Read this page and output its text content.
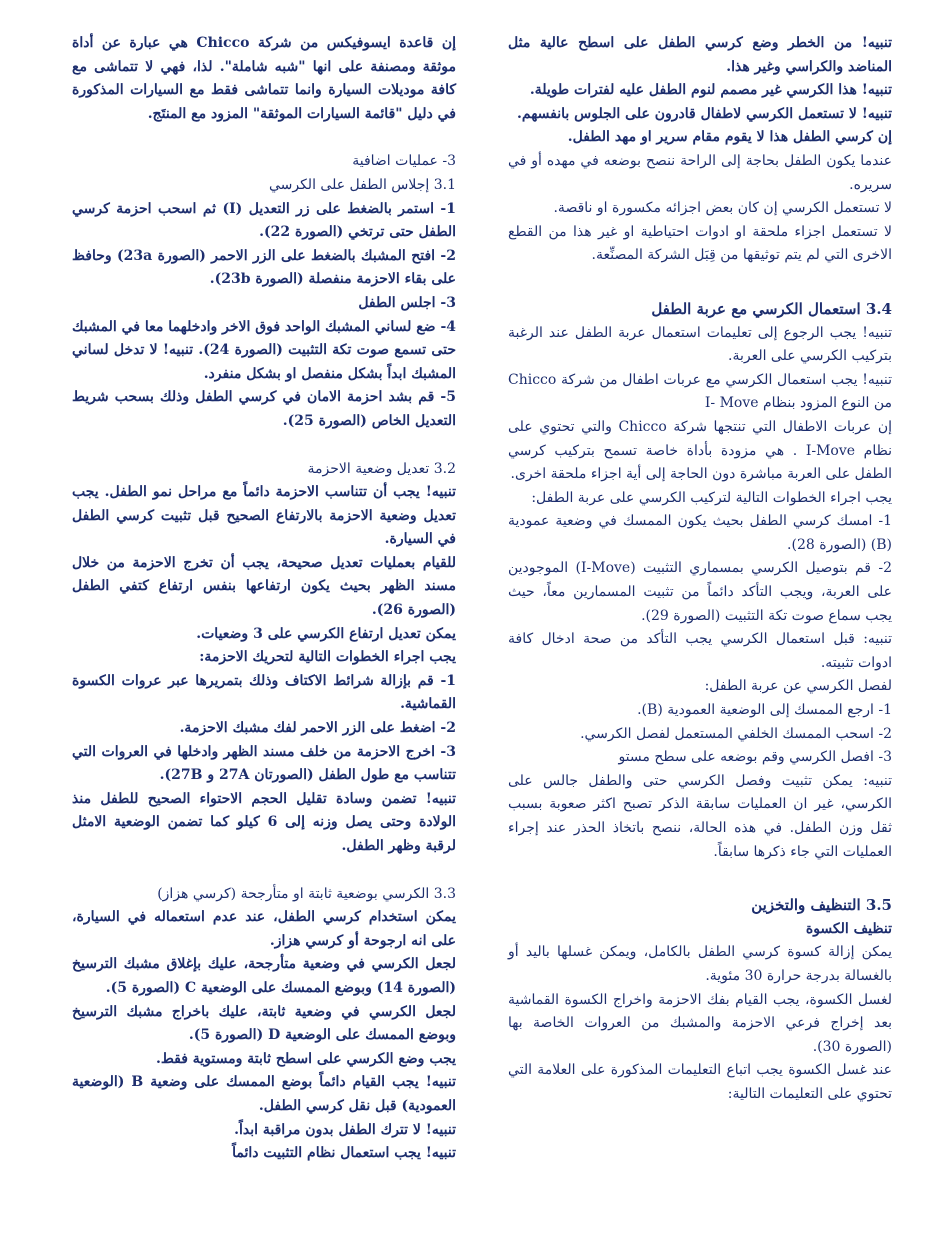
إن قاعدة ايسوفيكس من شركة Chicco هي عبارة عن أداة موثقة ومصنفة على انها "شبه شاملة". لذا، فهي لا تتماشى مع كافة موديلات السيارة وانما تتماشى فقط مع السيارات المذكورة في دليل "قائمة السيارات الموثقة" المزود مع المنتَج.
3- عمليات اضافية
3.1 إجلاس الطفل على الكرسي
1- استمر بالضغط على زر التعديل (I) ثم اسحب احزمة كرسي الطفل حتى ترتخي (الصورة 22).
2- افتح المشبك بالضغط على الزر الاحمر (الصورة 23a) وحافظ على بقاء الاحزمة منفصلة (الصورة 23b).
3- اجلس الطفل
4- ضع لساني المشبك الواحد فوق الاخر وادخلهما معا في المشبك حتى تسمع صوت تكة التثبيت (الصورة 24). تنبيه! لا تدخل لساني المشبك ابداً بشكل منفصل او بشكل منفرد.
5- قم بشد احزمة الامان في كرسي الطفل وذلك بسحب شريط التعديل الخاص (الصورة 25).
3.2 تعديل وضعية الاحزمة
تنبيه! يجب أن تتناسب الاحزمة دائماً مع مراحل نمو الطفل. يجب تعديل وضعية الاحزمة بالارتفاع الصحيح قبل تثبيت كرسي الطفل في السيارة.
للقيام بعمليات تعديل صحيحة، يجب أن تخرج الاحزمة من خلال مسند الظهر بحيث يكون ارتفاعها بنفس ارتفاع كتفي الطفل (الصورة 26).
يمكن تعديل ارتفاع الكرسي على 3 وضعيات.
يجب اجراء الخطوات التالية لتحريك الاحزمة:
1- قم بإزالة شرائط الاكتاف وذلك بتمريرها عبر عروات الكسوة القماشية.
2- اضغط على الزر الاحمر لفك مشبك الاحزمة.
3- اخرج الاحزمة من خلف مسند الظهر وادخلها في العروات التي تتناسب مع طول الطفل (الصورتان 27A و 27B).
تنبيه! تضمن وسادة تقليل الحجم الاحتواء الصحيح للطفل منذ الولادة وحتى يصل وزنه إلى 6 كيلو كما تضمن الوضعية الامثل لرقبة وظهر الطفل.
3.3 الكرسي بوضعية ثابتة او متأرجحة (كرسي هزاز)
يمكن استخدام كرسي الطفل، عند عدم استعماله في السيارة، على انه ارجوحة أو كرسي هزاز.
لجعل الكرسي في وضعية متأرجحة، عليك بإغلاق مشبك الترسيخ (الصورة 14) وبوضع الممسك على الوضعية C (الصورة 5).
لجعل الكرسي في وضعية ثابتة، عليك باخراج مشبك الترسيخ وبوضع الممسك على الوضعية D (الصورة 5).
يجب وضع الكرسي على اسطح ثابتة ومستوية فقط.
تنبيه! يجب القيام دائماً بوضع الممسك على وضعية B (الوضعية العمودية) قبل نقل كرسي الطفل.
تنبيه! لا تترك الطفل بدون مراقبة ابداً.
تنبيه! يجب استعمال نظام التثبيت دائماً
تنبيه! من الخطر وضع كرسي الطفل على اسطح عالية مثل المناضد والكراسي وغير هذا.
تنبيه! هذا الكرسي غير مصمم لنوم الطفل عليه لفترات طويلة.
تنبيه! لا تستعمل الكرسي لاطفال قادرون على الجلوس بانفسهم.
إن كرسي الطفل هذا لا يقوم مقام سرير او مهد الطفل.
عندما يكون الطفل بحاجة إلى الراحة ننصح بوضعه في مهده أو في سريره.
لا تستعمل الكرسي إن كان بعض اجزائه مكسورة او ناقصة.
لا تستعمل اجزاء ملحقة او ادوات احتياطية او غير هذا من القطع الاخرى التي لم يتم توثيقها من قِبَل الشركة المصنِّعة.
3.4 استعمال الكرسي مع عربة الطفل
تنبيه! يجب الرجوع إلى تعليمات استعمال عربة الطفل عند الرغبة بتركيب الكرسي على العربة.
تنبيه! يجب استعمال الكرسي مع عربات اطفال من شركة Chicco من النوع المزود بنظام I- Move
إن عربات الاطفال التي تنتجها شركة Chicco والتي تحتوي على نظام I-Move . هي مزودة بأداة خاصة تسمح بتركيب كرسي الطفل على العربة مباشرة دون الحاجة إلى أية اجزاء ملحقة اخرى.
يجب اجراء الخطوات التالية لتركيب الكرسي على عربة الطفل:
1- امسك كرسي الطفل بحيث يكون الممسك في وضعية عمودية (B) (الصورة 28).
2- قم بتوصيل الكرسي بمسماري التثبيت (I-Move) الموجودين على العربة، ويجب التأكد دائماً من تثبيت المسمارين معاً، حيث يجب سماع صوت تكة التثبيت (الصورة 29).
تنبيه: قبل استعمال الكرسي يجب التأكد من صحة ادخال كافة ادوات تثبيته.
لفصل الكرسي عن عربة الطفل:
1- ارجع الممسك إلى الوضعية العمودية (B).
2- اسحب الممسك الخلفي المستعمل لفصل الكرسي.
3- افصل الكرسي وقم بوضعه على سطح مستو
تنبيه: يمكن تثبيت وفصل الكرسي حتى والطفل جالس على الكرسي، غير ان العمليات سابقة الذكر تصبح اكثر صعوبة بسبب ثقل وزن الطفل. في هذه الحالة، ننصح باتخاذ الحذر عند إجراء العمليات التي جاء ذكرها سابقاً.
3.5 التنظيف والتخزين
تنظيف الكسوة
يمكن إزالة كسوة كرسي الطفل بالكامل، ويمكن غسلها باليد أو بالغسالة بدرجة حرارة 30 مئوية.
لغسل الكسوة، يجب القيام بفك الاحزمة واخراج الكسوة القماشية بعد إخراج فرعي الاحزمة والمشبك من العروات الخاصة بها (الصورة 30).
عند غسل الكسوة يجب اتباع التعليمات المذكورة على العلامة التي تحتوي على التعليمات التالية:
